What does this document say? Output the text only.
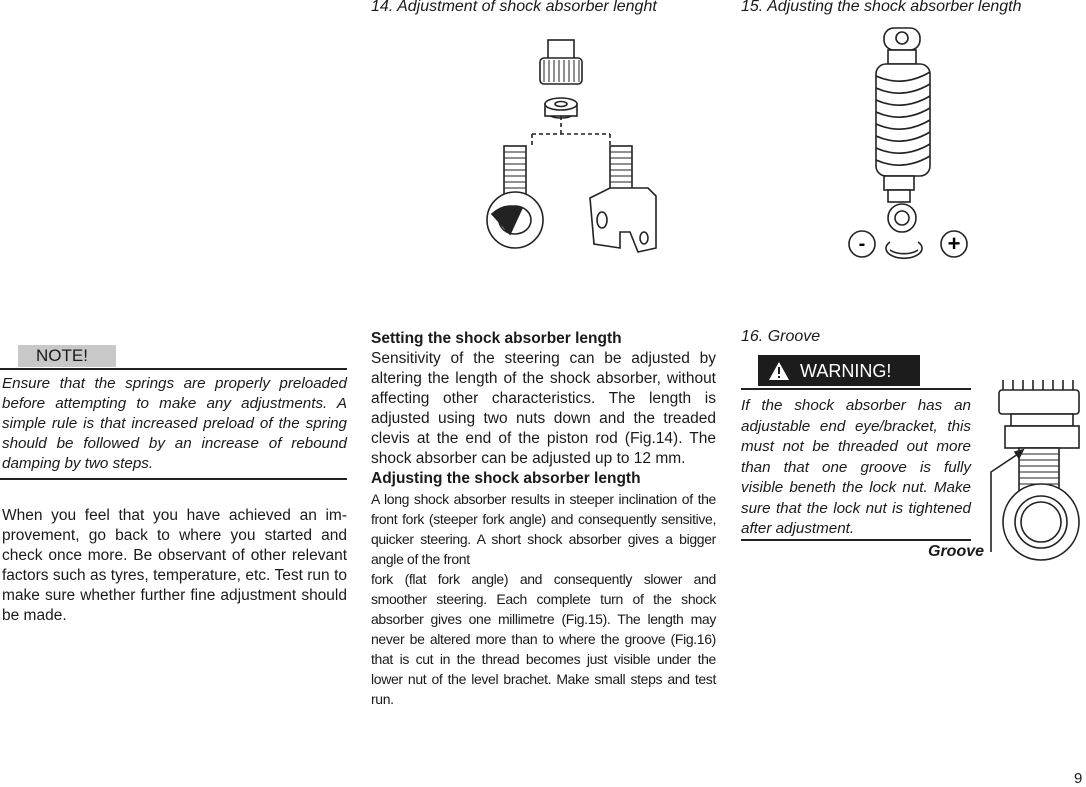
14. Adjustment of shock absorber lenght	15. Adjusting the shock absorber length
-	+
NOTE!
Ensure that the springs are properly preloaded before attempting to make any adjustments. A simple rule is that increased preload of the spring should be followed by an increase of rebound damping by two steps.
When you feel that you have achieved an im-provement, go back to where you started and check once more. Be observant of other relevant factors such as tyres, temperature, etc. Test run to make sure whether further fine adjustment should be made.
Setting the shock absorber length
Sensitivity of the steering can be adjusted by altering the length of the shock absorber, without affecting other characteristics. The length is adjusted using two nuts down and the treaded clevis at the end of the piston rod (Fig.14). The shock absorber can be adjusted up to 12 mm.
Adjusting the shock absorber length
A long shock absorber results in steeper inclination of the front fork (steeper fork angle) and consequently sensitive, quicker steering. A short shock absorber gives a bigger angle of the front
fork (flat fork angle) and consequently slower and smoother steering. Each complete turn of the shock absorber gives one millimetre (Fig.15). The length may never be altered more than to where the groove (Fig.16) that is cut in the thread becomes just visible under the lower nut of the level brachet. Make small steps and test run.
16. Groove
WARNING!
If the shock absorber has an adjustable end eye/bracket, this must not be threaded out more than that one groove is fully visible beneth the lock nut. Make sure that the lock nut is tightened after adjustment.
Groove
9
